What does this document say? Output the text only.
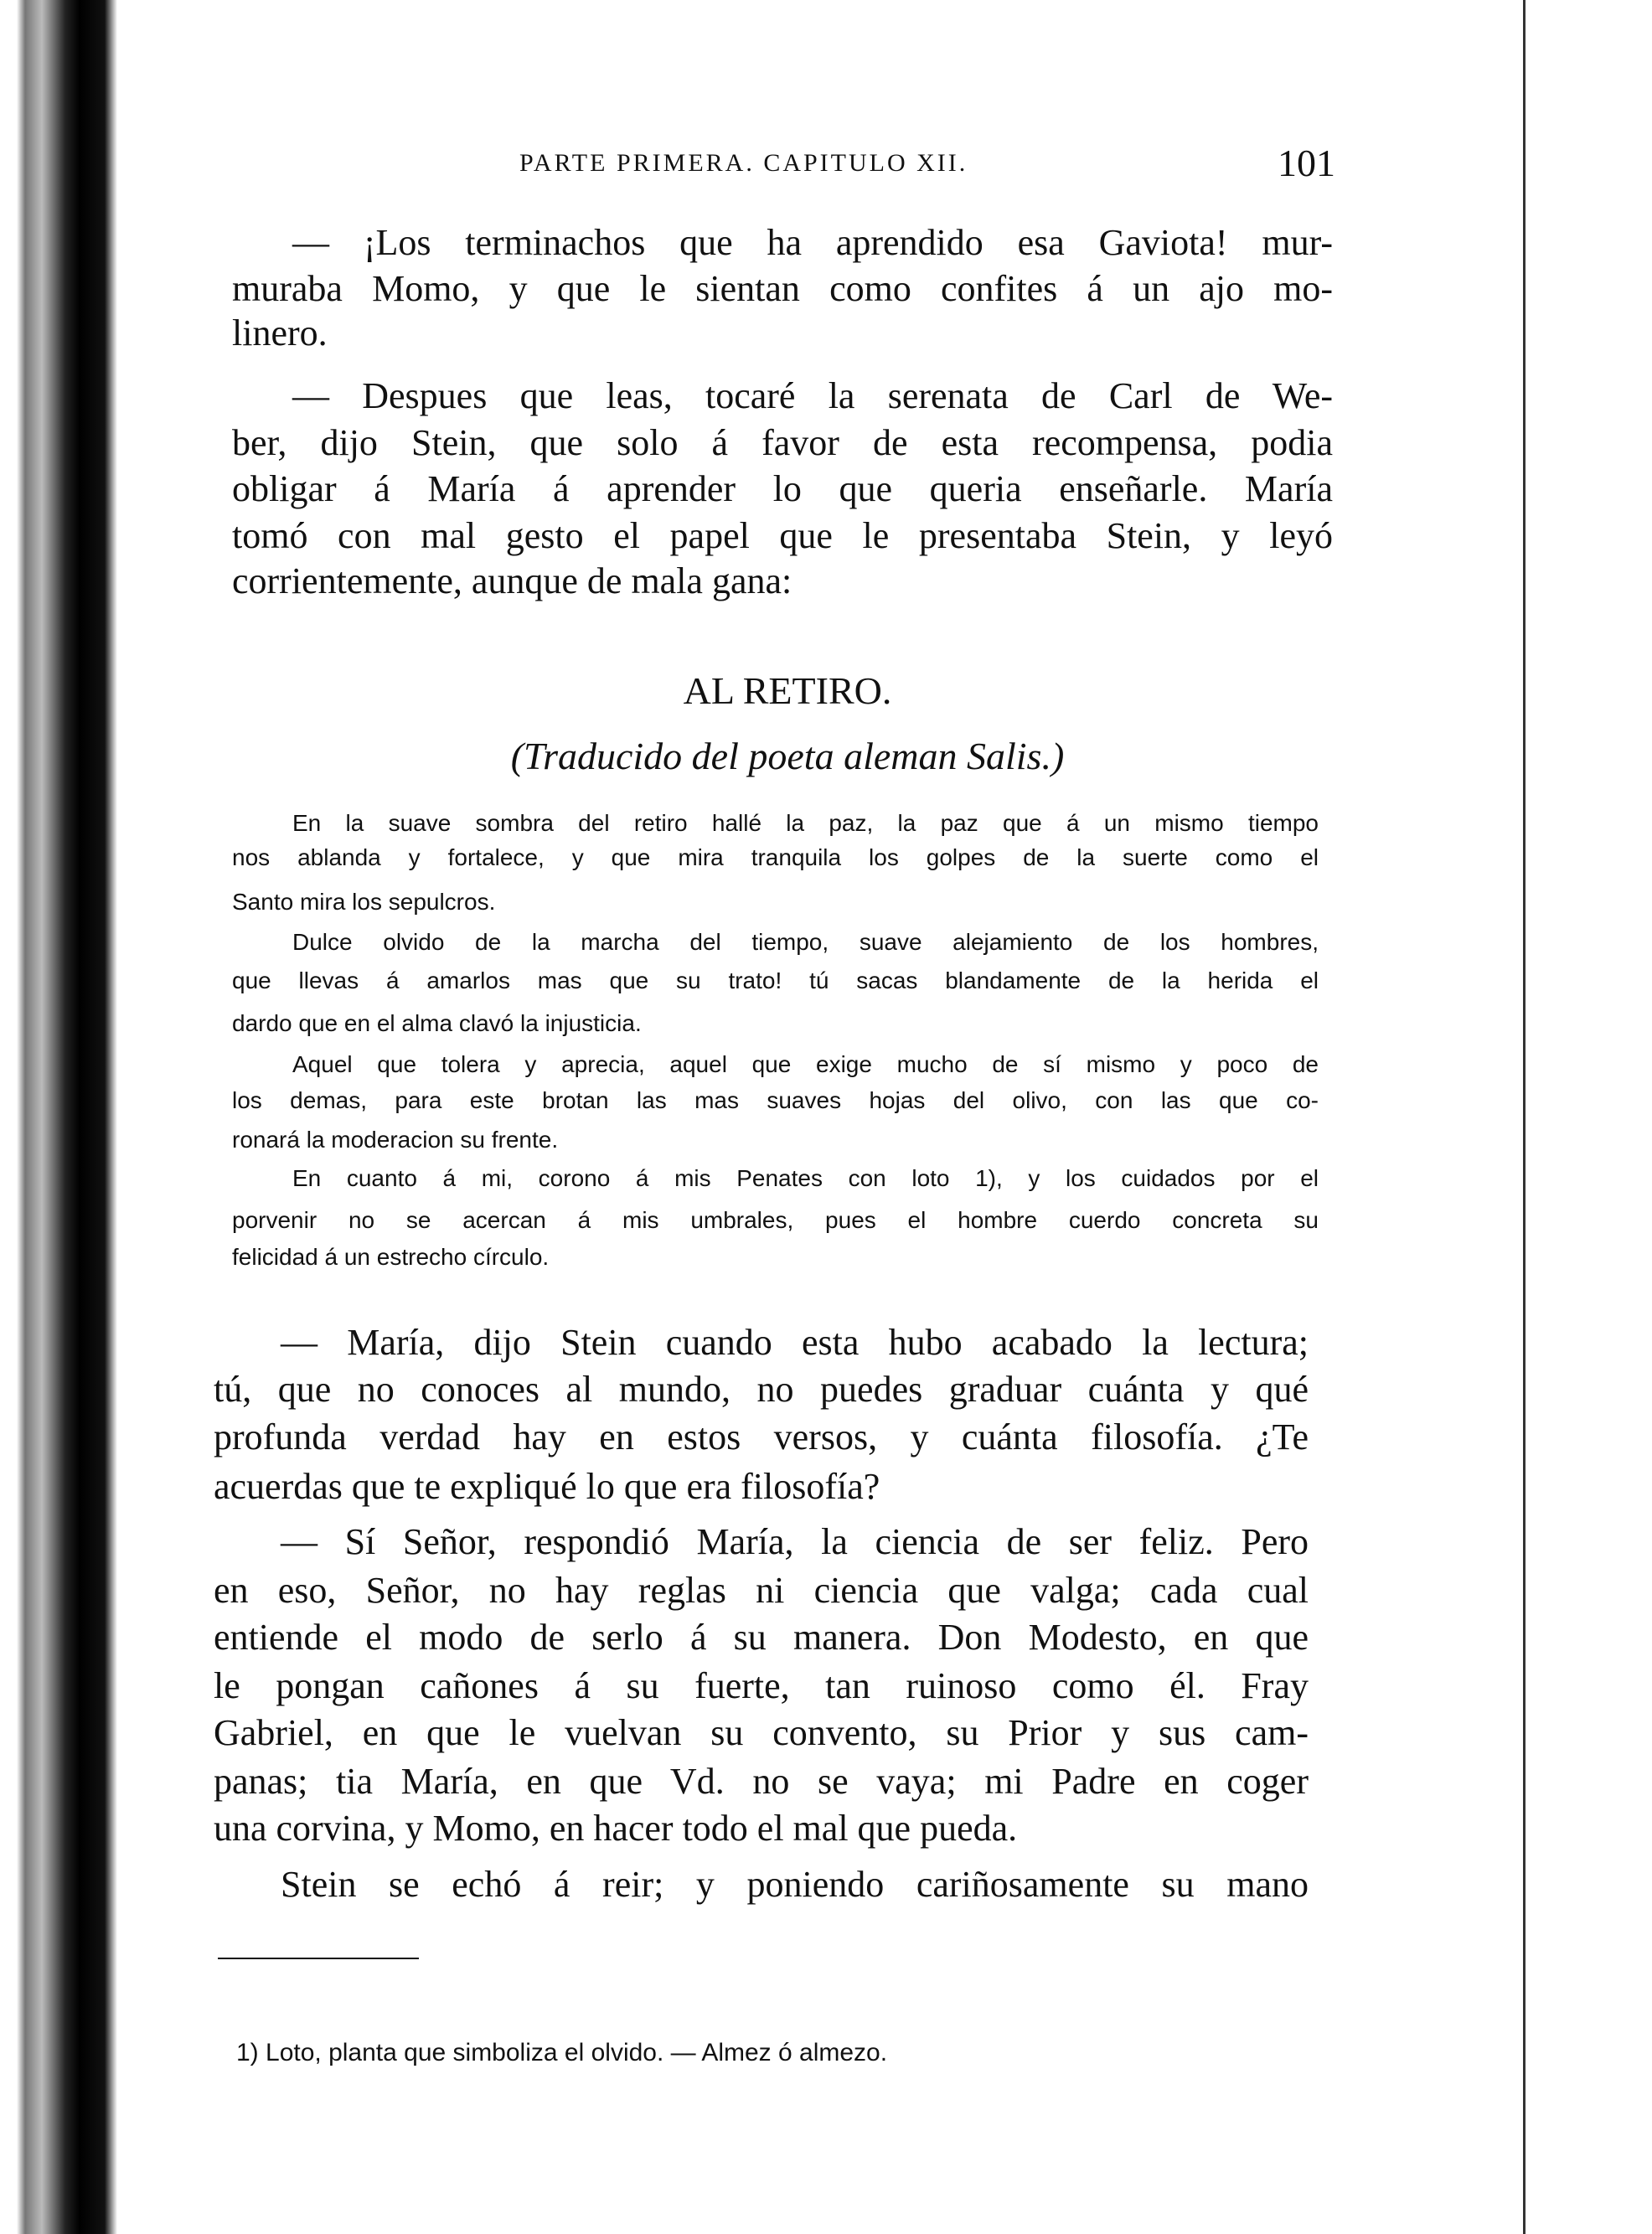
PARTE PRIMERA. CAPITULO XII.	101
— ¡Los terminachos que ha aprendido esa Gaviota! mur-
muraba Momo, y que le sientan como confites á un ajo mo-
linero.
— Despues que leas, tocaré la serenata de Carl de We-
ber, dijo Stein, que solo á favor de esta recompensa, podia
obligar á María á aprender lo que queria enseñarle. María
tomó con mal gesto el papel que le presentaba Stein, y leyó
corrientemente, aunque de mala gana:
AL RETIRO.
(Traducido del poeta aleman Salis.)
En la suave sombra del retiro hallé la paz, la paz que á un mismo tiempo
nos ablanda y fortalece, y que mira tranquila los golpes de la suerte como el
Santo mira los sepulcros.
Dulce olvido de la marcha del tiempo, suave alejamiento de los hombres,
que llevas á amarlos mas que su trato! tú sacas blandamente de la herida el
dardo que en el alma clavó la injusticia.
Aquel que tolera y aprecia, aquel que exige mucho de sí mismo y poco de
los demas, para este brotan las mas suaves hojas del olivo, con las que co-
ronará la moderacion su frente.
En cuanto á mi, corono á mis Penates con loto 1), y los cuidados por el
porvenir no se acercan á mis umbrales, pues el hombre cuerdo concreta su
felicidad á un estrecho círculo.
— María, dijo Stein cuando esta hubo acabado la lectura;
tú, que no conoces al mundo, no puedes graduar cuánta y qué
profunda verdad hay en estos versos, y cuánta filosofía. ¿Te
acuerdas que te expliqué lo que era filosofía?
— Sí Señor, respondió María, la ciencia de ser feliz. Pero
en eso, Señor, no hay reglas ni ciencia que valga; cada cual
entiende el modo de serlo á su manera. Don Modesto, en que
le pongan cañones á su fuerte, tan ruinoso como él. Fray
Gabriel, en que le vuelvan su convento, su Prior y sus cam-
panas; tia María, en que Vd. no se vaya; mi Padre en coger
una corvina, y Momo, en hacer todo el mal que pueda.
Stein se echó á reir; y poniendo cariñosamente su mano
1) Loto, planta que simboliza el olvido. — Almez ó almezo.
